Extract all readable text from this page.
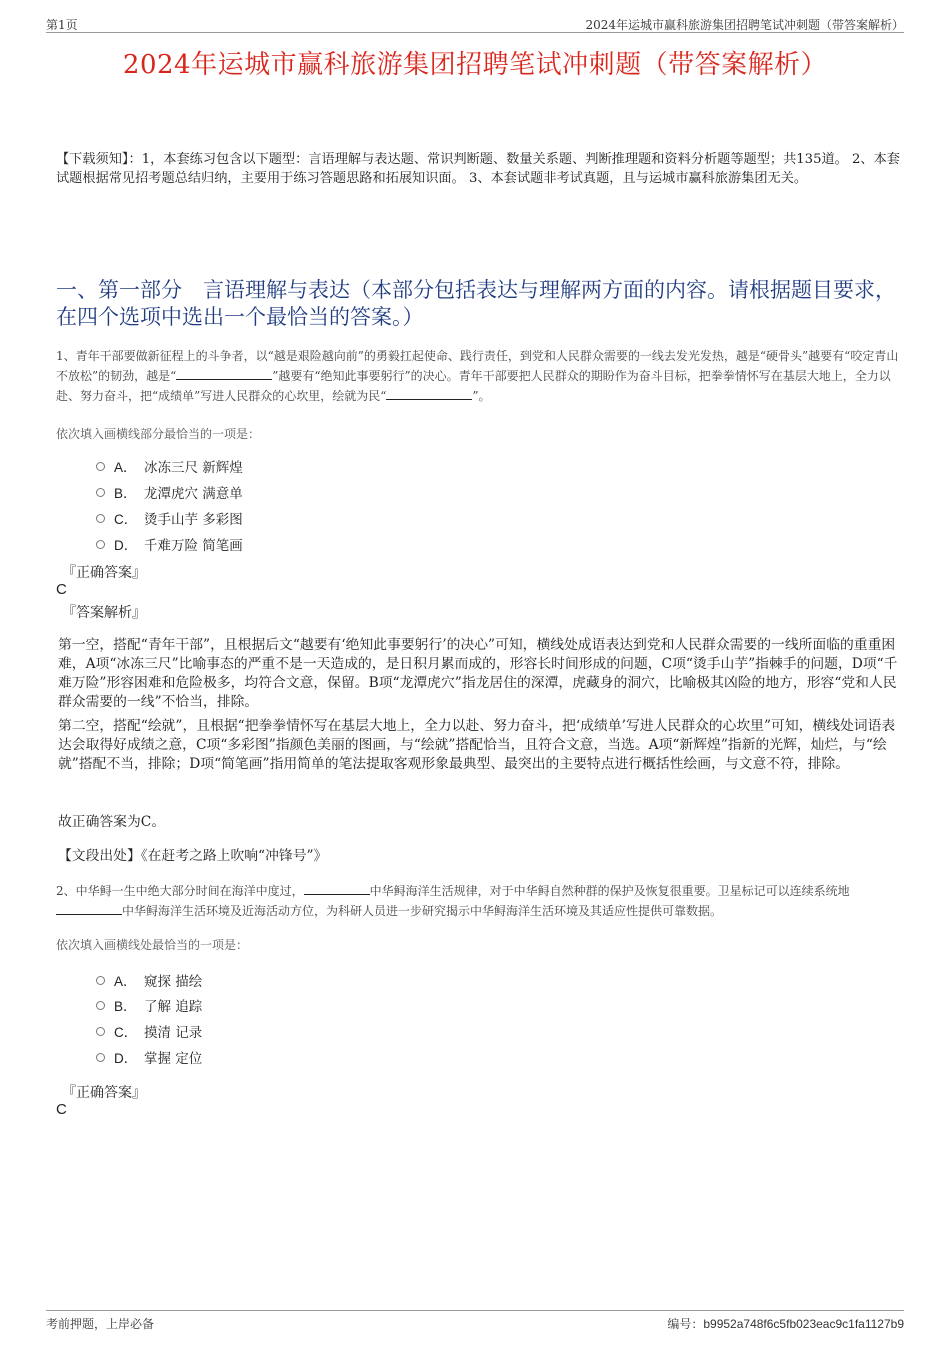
第1页	2024年运城市赢科旅游集团招聘笔试冲刺题（带答案解析）
2024年运城市赢科旅游集团招聘笔试冲刺题（带答案解析）
【下载须知】：1，本套练习包含以下题型：言语理解与表达题、常识判断题、数量关系题、判断推理题和资料分析题等题型；共135道。 2、本套试题根据常见招考题总结归纳，主要用于练习答题思路和拓展知识面。 3、本套试题非考试真题，且与运城市赢科旅游集团无关。
一、第一部分　言语理解与表达（本部分包括表达与理解两方面的内容。请根据题目要求，在四个选项中选出一个最恰当的答案。）
1、青年干部要做新征程上的斗争者，以“越是艰险越向前”的勇毅扛起使命、践行责任，到党和人民群众需要的一线去发光发热，越是“硬骨头”越要有“咬定青山不放松”的韧劲，越是“	”越要有“绝知此事要躬行”的决心。青年干部要把人民群众的期盼作为奋斗目标，把拳拳情怀写在基层大地上，全力以赴、努力奋斗，把“成绩单”写进人民群众的心坎里，绘就为民“	”。
依次填入画横线部分最恰当的一项是：
A． 冰冻三尺 新辉煌
B． 龙潭虎穴 满意单
C． 烫手山芋 多彩图
D． 千难万险 简笔画
『正确答案』
C
『答案解析』
第一空，搭配“青年干部”，且根据后文“越要有‘绝知此事要躬行’的决心”可知，横线处成语表达到党和人民群众需要的一线所面临的重重困难，A项“冰冻三尺”比喻事态的严重不是一天造成的，是日积月累而成的，形容长时间形成的问题，C项“烫手山芋”指棘手的问题，D项“千难万险”形容困难和危险极多，均符合文意，保留。B项“龙潭虎穴”指龙居住的深潭，虎藏身的洞穴，比喻极其凶险的地方，形容“党和人民群众需要的一线”不恰当，排除。
第二空，搭配“绘就”，且根据“把拳拳情怀写在基层大地上，全力以赴、努力奋斗，把‘成绩单’写进人民群众的心坎里”可知，横线处词语表达会取得好成绩之意，C项“多彩图”指颜色美丽的图画，与“绘就”搭配恰当，且符合文意，当选。A项“新辉煌”指新的光辉，灿烂，与“绘就”搭配不当，排除；D项“简笔画”指用简单的笔法提取客观形象最典型、最突出的主要特点进行概括性绘画，与文意不符，排除。
故正确答案为C。
【文段出处】《在赶考之路上吹响“冲锋号”》
2、中华鲟一生中绝大部分时间在海洋中度过，	中华鲟海洋生活规律，对于中华鲟自然种群的保护及恢复很重要。卫星标记可以连续系统地中华鲟海洋生活环境及近海活动方位，为科研人员进一步研究揭示中华鲟海洋生活环境及其适应性提供可靠数据。
依次填入画横线处最恰当的一项是：
A． 窥探 描绘
B． 了解 追踪
C． 摸清 记录
D． 掌握 定位
『正确答案』
C
考前押题，上岸必备	编号：b9952a748f6c5fb023eac9c1fa1127b9
